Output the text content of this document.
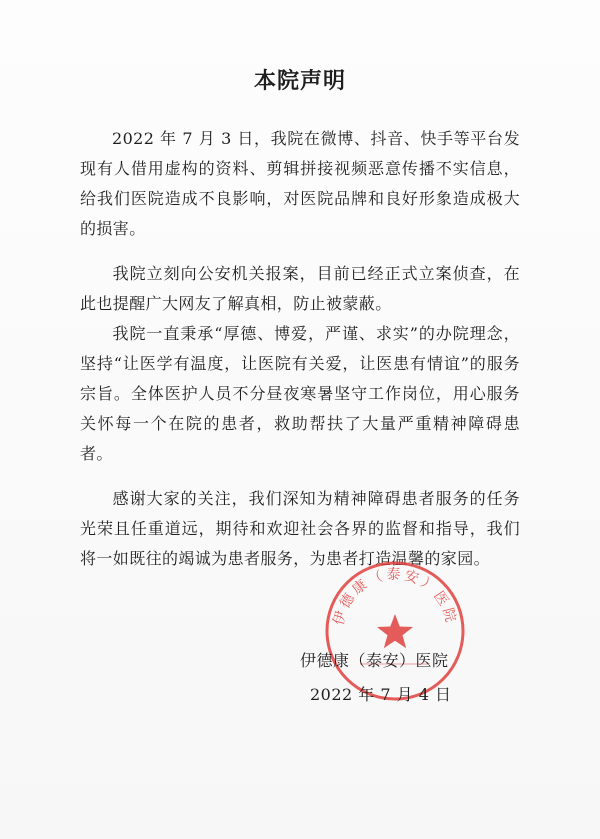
本院声明

2022 年 7 月 3 日，我院在微博、抖音、快手等平台发现有人借用虚构的资料、剪辑拼接视频恶意传播不实信息，给我们医院造成不良影响，对医院品牌和良好形象造成极大的损害。

我院立刻向公安机关报案，目前已经正式立案侦查，在此也提醒广大网友了解真相，防止被蒙蔽。

我院一直秉承“厚德、博爱，严谨、求实”的办院理念，坚持“让医学有温度，让医院有关爱，让医患有情谊”的服务宗旨。全体医护人员不分昼夜寒暑坚守工作岗位，用心服务关怀每一个在院的患者，救助帮扶了大量严重精神障碍患者。

感谢大家的关注，我们深知为精神障碍患者服务的任务光荣且任重道远，期待和欢迎社会各界的监督和指导，我们将一如既往的竭诚为患者服务，为患者打造温馨的家园。

伊德康（泰安）医院
伊德康（泰安）医院
2022 年 7 月 4 日
